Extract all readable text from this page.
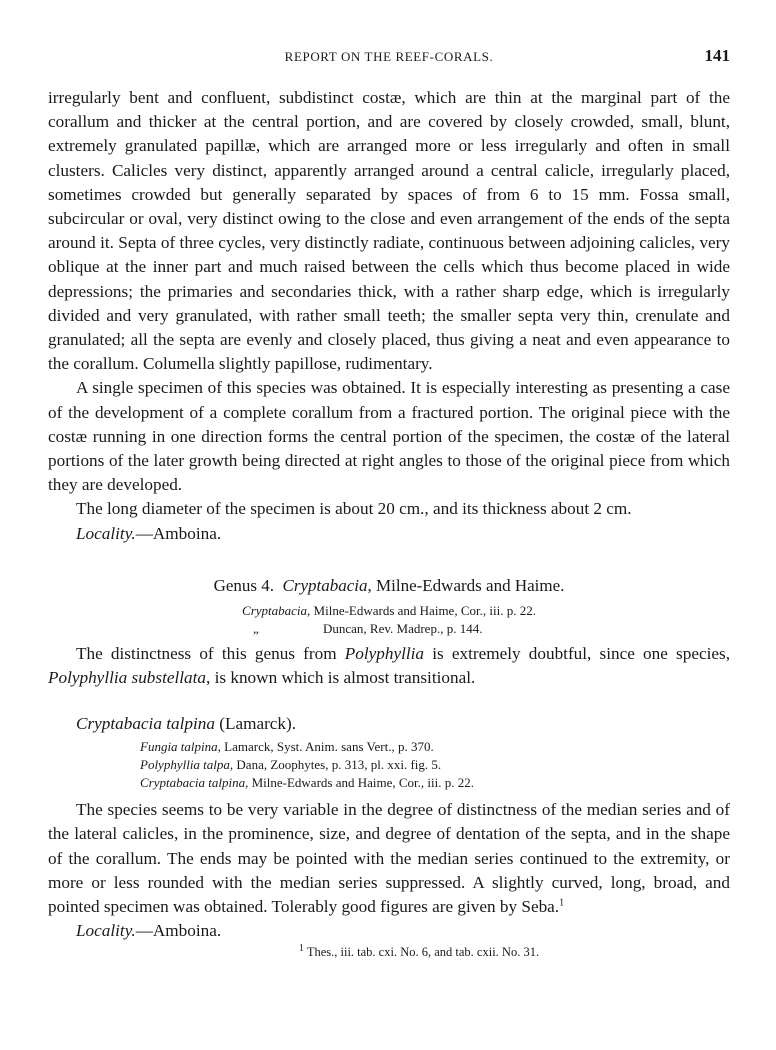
REPORT ON THE REEF-CORALS.	141

irregularly bent and confluent, subdistinct costæ, which are thin at the marginal part of the corallum and thicker at the central portion, and are covered by closely crowded, small, blunt, extremely granulated papillæ, which are arranged more or less irregularly and often in small clusters. Calicles very distinct, apparently arranged around a central calicle, irregularly placed, sometimes crowded but generally separated by spaces of from 6 to 15 mm. Fossa small, subcircular or oval, very distinct owing to the close and even arrangement of the ends of the septa around it. Septa of three cycles, very distinctly radiate, continuous between adjoining calicles, very oblique at the inner part and much raised between the cells which thus become placed in wide depressions; the primaries and secondaries thick, with a rather sharp edge, which is irregularly divided and very granulated, with rather small teeth; the smaller septa very thin, crenulate and granulated; all the septa are evenly and closely placed, thus giving a neat and even appearance to the corallum. Columella slightly papillose, rudimentary.

A single specimen of this species was obtained. It is especially interesting as presenting a case of the development of a complete corallum from a fractured portion. The original piece with the costæ running in one direction forms the central portion of the specimen, the costæ of the lateral portions of the later growth being directed at right angles to those of the original piece from which they are developed.

The long diameter of the specimen is about 20 cm., and its thickness about 2 cm.

Locality.—Amboina.

Genus 4. Cryptabacia, Milne-Edwards and Haime.
Cryptabacia, Milne-Edwards and Haime, Cor., iii. p. 22.
„	Duncan, Rev. Madrep., p. 144.

The distinctness of this genus from Polyphyllia is extremely doubtful, since one species, Polyphyllia substellata, is known which is almost transitional.

Cryptabacia talpina (Lamarck).
Fungia talpina, Lamarck, Syst. Anim. sans Vert., p. 370.
Polyphyllia talpa, Dana, Zoophytes, p. 313, pl. xxi. fig. 5.
Cryptabacia talpina, Milne-Edwards and Haime, Cor., iii. p. 22.

The species seems to be very variable in the degree of distinctness of the median series and of the lateral calicles, in the prominence, size, and degree of dentation of the septa, and in the shape of the corallum. The ends may be pointed with the median series continued to the extremity, or more or less rounded with the median series suppressed. A slightly curved, long, broad, and pointed specimen was obtained. Tolerably good figures are given by Seba.$^1$

Locality.—Amboina.

$^1$ Thes., iii. tab. cxi. No. 6, and tab. cxii. No. 31.
